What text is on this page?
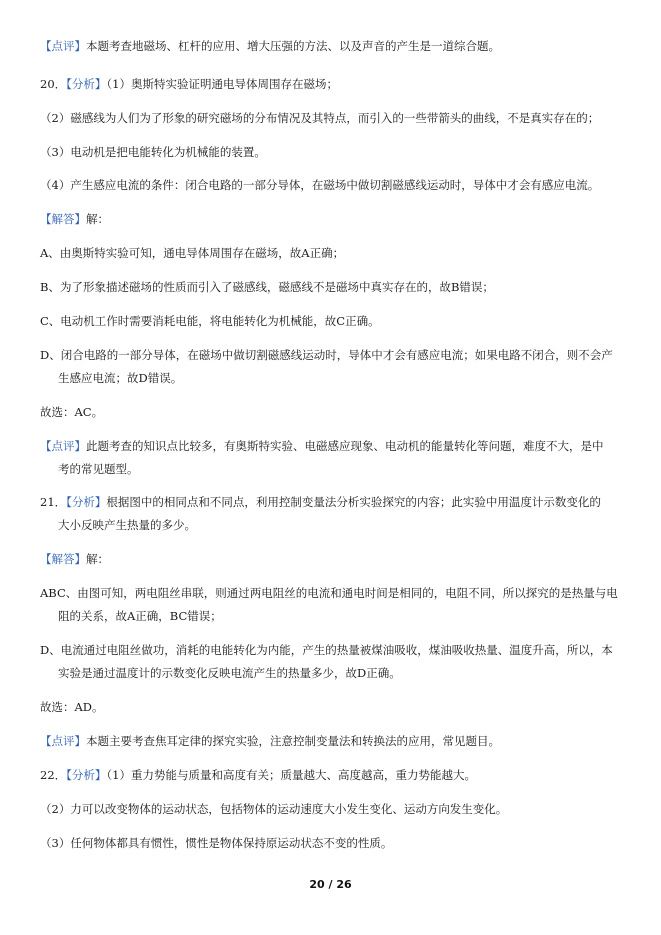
【点评】本题考查地磁场、杠杆的应用、增大压强的方法、以及声音的产生是一道综合题。
20．【分析】（1）奥斯特实验证明通电导体周围存在磁场；
（2）磁感线为人们为了形象的研究磁场的分布情况及其特点，而引入的一些带箭头的曲线，不是真实存在的；
（3）电动机是把电能转化为机械能的装置。
（4）产生感应电流的条件：闭合电路的一部分导体，在磁场中做切割磁感线运动时，导体中才会有感应电流。
【解答】解：
A、由奥斯特实验可知，通电导体周围存在磁场，故A正确；
B、为了形象描述磁场的性质而引入了磁感线，磁感线不是磁场中真实存在的，故B错误；
C、电动机工作时需要消耗电能，将电能转化为机械能，故C正确。
D、闭合电路的一部分导体，在磁场中做切割磁感线运动时，导体中才会有感应电流；如果电路不闭合，则不会产
生感应电流；故D错误。
故选：AC。
【点评】此题考查的知识点比较多，有奥斯特实验、电磁感应现象、电动机的能量转化等问题，难度不大，是中
考的常见题型。
21．【分析】根据图中的相同点和不同点，利用控制变量法分析实验探究的内容；此实验中用温度计示数变化的
大小反映产生热量的多少。
【解答】解：
ABC、由图可知，两电阻丝串联，则通过两电阻丝的电流和通电时间是相同的，电阻不同，所以探究的是热量与电
阻的关系，故A正确，BC错误；
D、电流通过电阻丝做功，消耗的电能转化为内能，产生的热量被煤油吸收，煤油吸收热量、温度升高，所以，本
实验是通过温度计的示数变化反映电流产生的热量多少，故D正确。
故选：AD。
【点评】本题主要考查焦耳定律的探究实验，注意控制变量法和转换法的应用，常见题目。
22．【分析】（1）重力势能与质量和高度有关；质量越大、高度越高，重力势能越大。
（2）力可以改变物体的运动状态，包括物体的运动速度大小发生变化、运动方向发生变化。
（3）任何物体都具有惯性，惯性是物体保持原运动状态不变的性质。
20 / 26
